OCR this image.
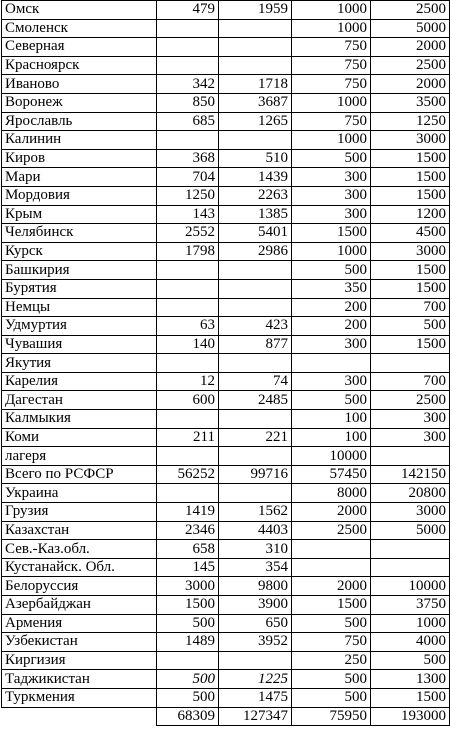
Омск	479	1959	1000	2500
Смоленск			1000	5000
Северная			750	2000
Красноярск			750	2500
Иваново	342	1718	750	2000
Воронеж	850	3687	1000	3500
Ярославль	685	1265	750	1250
Калинин			1000	3000
Киров	368	510	500	1500
Мари	704	1439	300	1500
Мордовия	1250	2263	300	1500
Крым	143	1385	300	1200
Челябинск	2552	5401	1500	4500
Курск	1798	2986	1000	3000
Башкирия			500	1500
Бурятия			350	1500
Немцы			200	700
Удмуртия	63	423	200	500
Чувашия	140	877	300	1500
Якутия				
Карелия	12	74	300	700
Дагестан	600	2485	500	2500
Калмыкия			100	300
Коми	211	221	100	300
лагеря			10000	
Всего по РСФСР	56252	99716	57450	142150
Украина			8000	20800
Грузия	1419	1562	2000	3000
Казахстан	2346	4403	2500	5000
Сев.-Каз.обл.	658	310		
Кустанайск. Обл.	145	354		
Белоруссия	3000	9800	2000	10000
Азербайджан	1500	3900	1500	3750
Армения	500	650	500	1000
Узбекистан	1489	3952	750	4000
Киргизия			250	500
Таджикистан	500	1225	500	1300
Туркмения	500	1475	500	1500
	68309	127347	75950	193000
